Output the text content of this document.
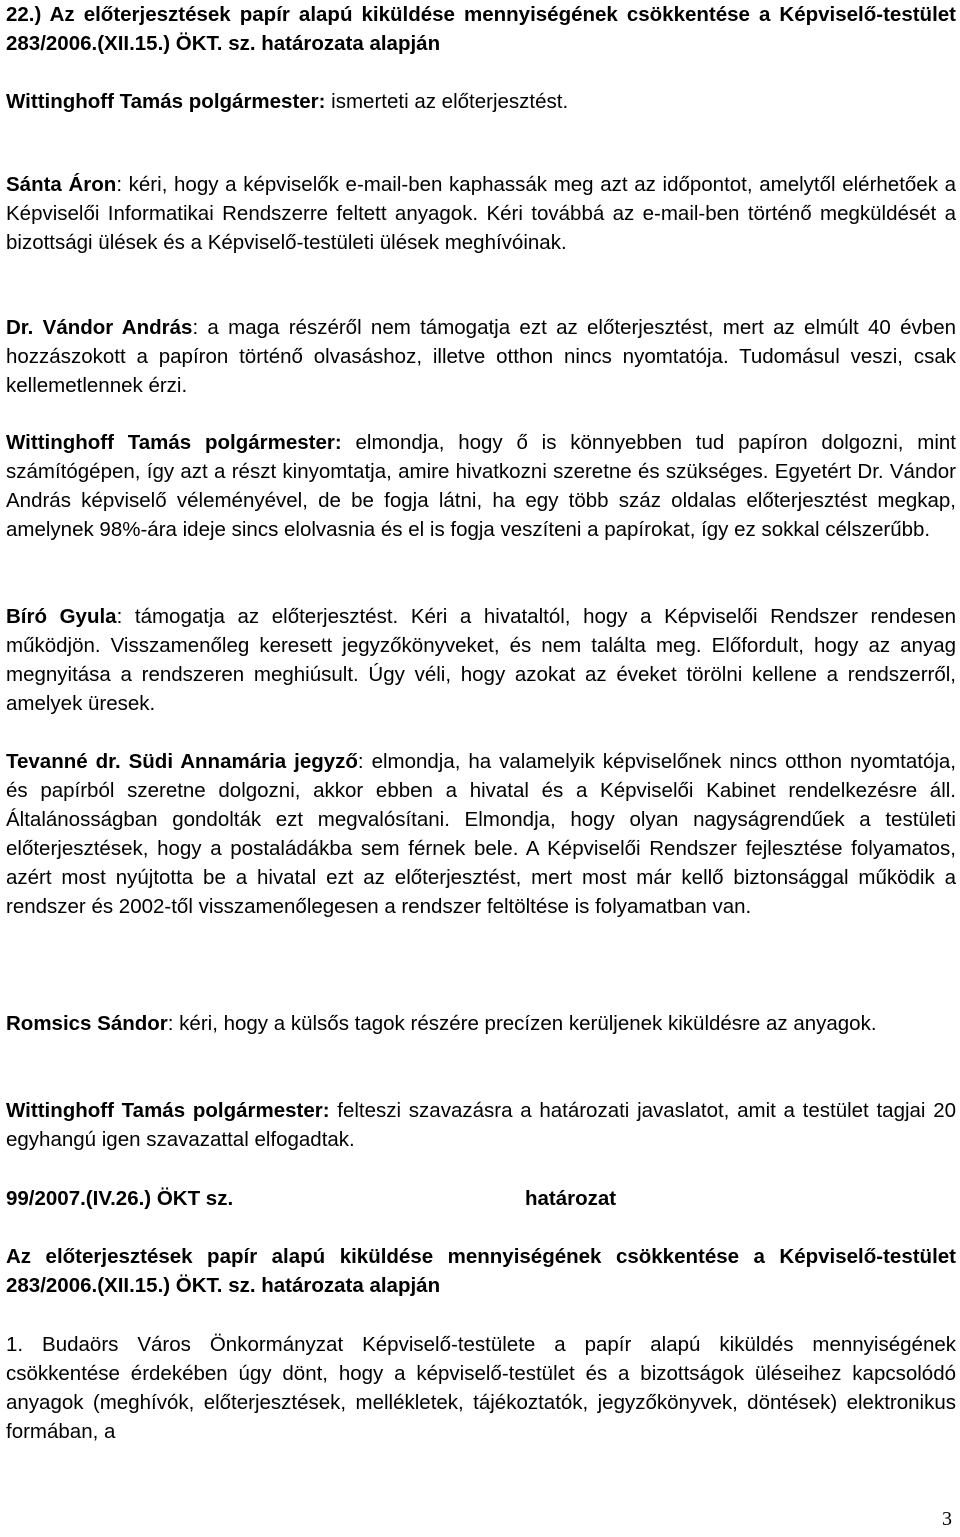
22.) Az előterjesztések papír alapú kiküldése mennyiségének csökkentése a Képviselő-testület 283/2006.(XII.15.) ÖKT. sz. határozata alapján
Wittinghoff Tamás polgármester: ismerteti az előterjesztést.
Sánta Áron: kéri, hogy a képviselők e-mail-ben kaphassák meg azt az időpontot, amelytől elérhetőek a Képviselői Informatikai Rendszerre feltett anyagok. Kéri továbbá az e-mail-ben történő megküldését a bizottsági ülések és a Képviselő-testületi ülések meghívóinak.
Dr. Vándor András: a maga részéről nem támogatja ezt az előterjesztést, mert az elmúlt 40 évben hozzászokott a papíron történő olvasáshoz, illetve otthon nincs nyomtatója. Tudomásul veszi, csak kellemetlennek érzi.
Wittinghoff Tamás polgármester: elmondja, hogy ő is könnyebben tud papíron dolgozni, mint számítógépen, így azt a részt kinyomtatja, amire hivatkozni szeretne és szükséges. Egyetért Dr. Vándor András képviselő véleményével, de be fogja látni, ha egy több száz oldalas előterjesztést megkap, amelynek 98%-ára ideje sincs elolvasnia és el is fogja veszíteni a papírokat, így ez sokkal célszerűbb.
Bíró Gyula: támogatja az előterjesztést. Kéri a hivataltól, hogy a Képviselői Rendszer rendesen működjön. Visszamenőleg keresett jegyzőkönyveket, és nem találta meg. Előfordult, hogy az anyag megnyitása a rendszeren meghiúsult. Úgy véli, hogy azokat az éveket törölni kellene a rendszerről, amelyek üresek.
Tevanné dr. Südi Annamária jegyző: elmondja, ha valamelyik képviselőnek nincs otthon nyomtatója, és papírból szeretne dolgozni, akkor ebben a hivatal és a Képviselői Kabinet rendelkezésre áll. Általánosságban gondolták ezt megvalósítani. Elmondja, hogy olyan nagyságrendűek a testületi előterjesztések, hogy a postaládákba sem férnek bele. A Képviselői Rendszer fejlesztése folyamatos, azért most nyújtotta be a hivatal ezt az előterjesztést, mert most már kellő biztonsággal működik a rendszer és 2002-től visszamenőlegesen a rendszer feltöltése is folyamatban van.
Romsics Sándor: kéri, hogy a külsős tagok részére precízen kerüljenek kiküldésre az anyagok.
Wittinghoff Tamás polgármester: felteszi szavazásra a határozati javaslatot, amit a testület tagjai 20 egyhangú igen szavazattal elfogadtak.
99/2007.(IV.26.) ÖKT sz.	határozat
Az előterjesztések papír alapú kiküldése mennyiségének csökkentése a Képviselő-testület 283/2006.(XII.15.) ÖKT. sz. határozata alapján
1. Budaörs Város Önkormányzat Képviselő-testülete a papír alapú kiküldés mennyiségének csökkentése érdekében úgy dönt, hogy a képviselő-testület és a bizottságok üléseihez kapcsolódó anyagok (meghívók, előterjesztések, mellékletek, tájékoztatók, jegyzőkönyvek, döntések) elektronikus formában, a
3
